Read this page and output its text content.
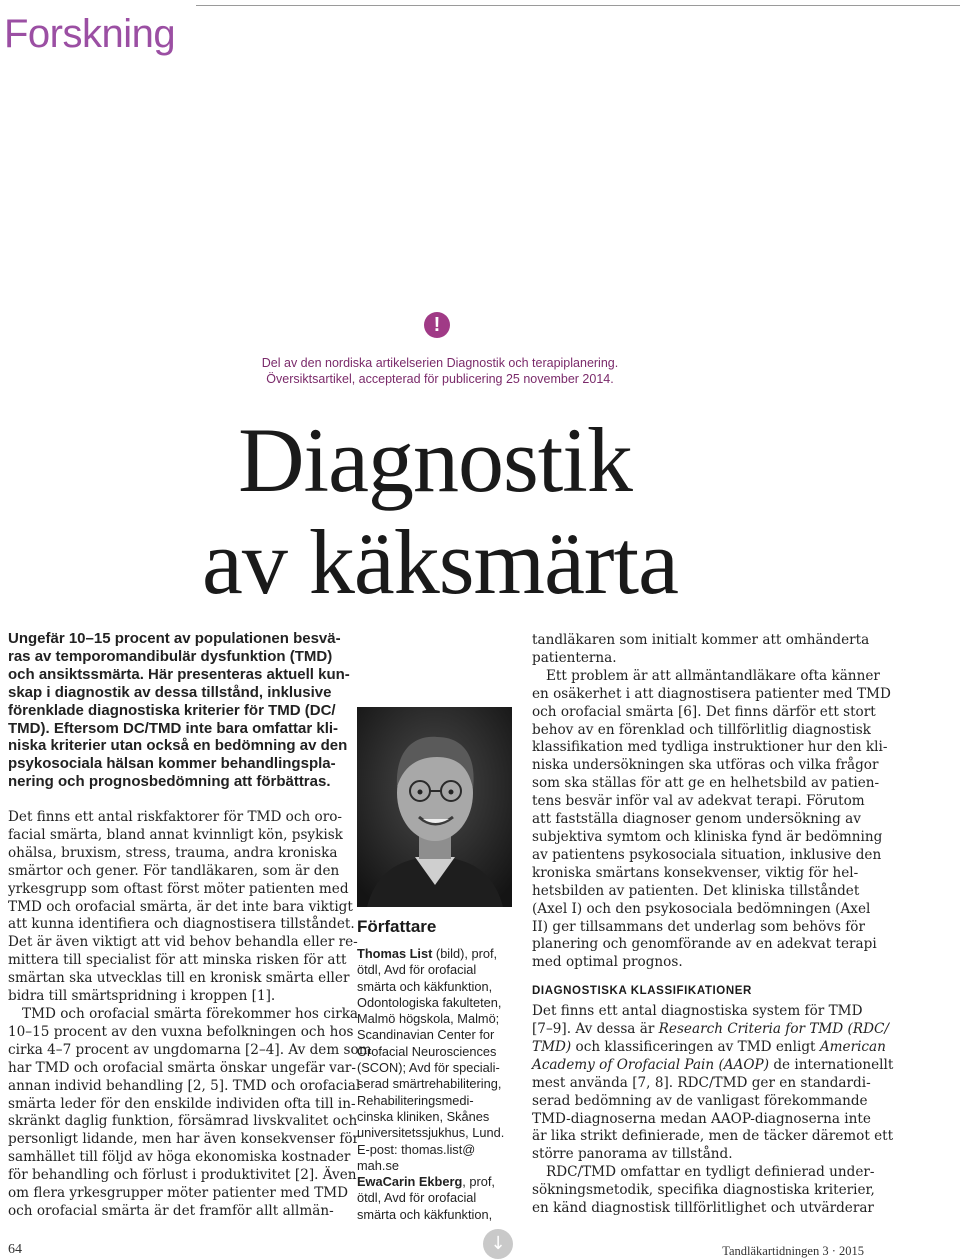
Forskning
!
Del av den nordiska artikelserien Diagnostik och terapiplanering.
Översiktsartikel, accepterad för publicering 25 november 2014.
Diagnostik
av käksmärta
Ungefär 10–15 procent av populationen besvä-
ras av temporomandibulär dysfunktion (TMD)
och ansiktssmärta. Här presenteras aktuell kun-
skap i diagnostik av dessa tillstånd, inklusive
förenklade diagnostiska kriterier för TMD (DC/
TMD). Eftersom DC/TMD inte bara omfattar kli-
niska kriterier utan också en bedömning av den
psykosociala hälsan kommer behandlingspla-
nering och prognosbedömning att förbättras.
Det finns ett antal riskfaktorer för TMD och oro-
facial smärta, bland annat kvinnligt kön, psykisk
ohälsa, bruxism, stress, trauma, andra kroniska
smärtor och gener. För tandläkaren, som är den
yrkesgrupp som oftast först möter patienten med
TMD och orofacial smärta, är det inte bara viktigt
att kunna identifiera och diagnostisera tillståndet.
Det är även viktigt att vid behov behandla eller re-
mittera till specialist för att minska risken för att
smärtan ska utvecklas till en kronisk smärta eller
bidra till smärtspridning i kroppen [1].
TMD och orofacial smärta förekommer hos cirka
10–15 procent av den vuxna befolkningen och hos
cirka 4–7 procent av ungdomarna [2–4]. Av dem som
har TMD och orofacial smärta önskar ungefär var-
annan individ behandling [2, 5]. TMD och orofacial
smärta leder för den enskilde individen ofta till in-
skränkt daglig funktion, försämrad livskvalitet och
personligt lidande, men har även konsekvenser för
samhället till följd av höga ekonomiska kostnader
för behandling och förlust i produktivitet [2]. Även
om flera yrkesgrupper möter patienter med TMD
och orofacial smärta är det framför allt allmän-
Författare
Thomas List (bild), prof,
ötdl, Avd för orofacial
smärta och käkfunktion,
Odontologiska fakulteten,
Malmö högskola, Malmö;
Scandinavian Center for
Orofacial Neurosciences
(SCON); Avd för speciali-
serad smärtrehabilitering,
Rehabiliteringsmedi-
cinska kliniken, Skånes
universitetssjukhus, Lund.
E-post: thomas.list@
mah.se
EwaCarin Ekberg, prof,
ötdl, Avd för orofacial
smärta och käkfunktion,
tandläkaren som initialt kommer att omhänderta
patienterna.
Ett problem är att allmäntandläkare ofta känner
en osäkerhet i att diagnostisera patienter med TMD
och orofacial smärta [6]. Det finns därför ett stort
behov av en förenklad och tillförlitlig diagnostisk
klassifikation med tydliga instruktioner hur den kli-
niska undersökningen ska utföras och vilka frågor
som ska ställas för att ge en helhetsbild av patien-
tens besvär inför val av adekvat terapi. Förutom
att fastställa diagnoser genom undersökning av
subjektiva symtom och kliniska fynd är bedömning
av patientens psykosociala situation, inklusive den
kroniska smärtans konsekvenser, viktig för hel-
hetsbilden av patienten. Det kliniska tillståndet
(Axel I) och den psykosociala bedömningen (Axel
II) ger tillsammans det underlag som behövs för
planering och genomförande av en adekvat terapi
med optimal prognos.
DIAGNOSTISKA KLASSIFIKATIONER
Det finns ett antal diagnostiska system för TMD
[7–9]. Av dessa är Research Criteria for TMD (RDC/
TMD) och klassificeringen av TMD enligt American
Academy of Orofacial Pain (AAOP) de internationellt
mest använda [7, 8]. RDC/TMD ger en standardi-
serad bedömning av de vanligast förekommande
TMD-diagnoserna medan AAOP-diagnoserna inte
är lika strikt definierade, men de täcker däremot ett
större panorama av tillstånd.
RDC/TMD omfattar en tydligt definierad under-
sökningsmetodik, specifika diagnostiska kriterier,
en känd diagnostisk tillförlitlighet och utvärderar
64	↓	Tandläkartidningen 3 · 2015
